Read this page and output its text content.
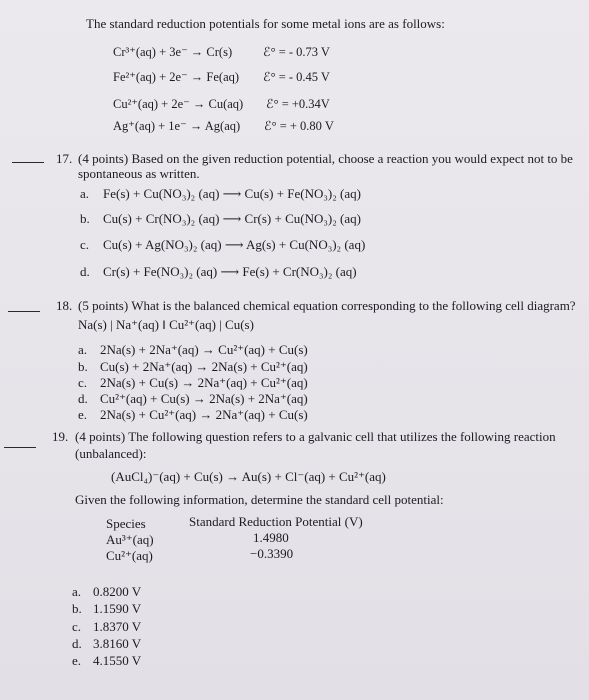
The standard reduction potentials for some metal ions are as follows:
Cr³⁺(aq) + 3e⁻ → Cr(s) ℰ° = - 0.73 V
Fe²⁺(aq) + 2e⁻ → Fe(aq) ℰ° = - 0.45 V
Cu²⁺(aq) + 2e⁻ → Cu(aq) ℰ° = +0.34V
Ag⁺(aq) + 1e⁻ → Ag(aq) ℰ° = + 0.80 V
17. (4 points) Based on the given reduction potential, choose a reaction you would expect not to be
spontaneous as written.
a. Fe(s) + Cu(NO₃)₂ (aq) ⟶ Cu(s) + Fe(NO₃)₂ (aq)
b. Cu(s) + Cr(NO₃)₂ (aq) ⟶ Cr(s) + Cu(NO₃)₂ (aq)
c. Cu(s) + Ag(NO₃)₂ (aq) ⟶ Ag(s) + Cu(NO₃)₂ (aq)
d. Cr(s) + Fe(NO₃)₂ (aq) ⟶ Fe(s) + Cr(NO₃)₂ (aq)
18. (5 points) What is the balanced chemical equation corresponding to the following cell diagram?
Na(s) | Na⁺(aq) ‖ Cu²⁺(aq) | Cu(s)
a. 2Na(s) + 2Na⁺(aq) → Cu²⁺(aq) + Cu(s)
b. Cu(s) + 2Na⁺(aq) → 2Na(s) + Cu²⁺(aq)
c. 2Na(s) + Cu(s) → 2Na⁺(aq) + Cu²⁺(aq)
d. Cu²⁺(aq) + Cu(s) → 2Na(s) + 2Na⁺(aq)
e. 2Na(s) + Cu²⁺(aq) → 2Na⁺(aq) + Cu(s)
19. (4 points) The following question refers to a galvanic cell that utilizes the following reaction
(unbalanced):
(AuCl₄)⁻(aq) + Cu(s) → Au(s) + Cl⁻(aq) + Cu²⁺(aq)
Given the following information, determine the standard cell potential:
Species	Standard Reduction Potential (V)
Au³⁺(aq)	1.4980
Cu²⁺(aq)	−0.3390
a. 0.8200 V
b. 1.1590 V
c. 1.8370 V
d. 3.8160 V
e. 4.1550 V
